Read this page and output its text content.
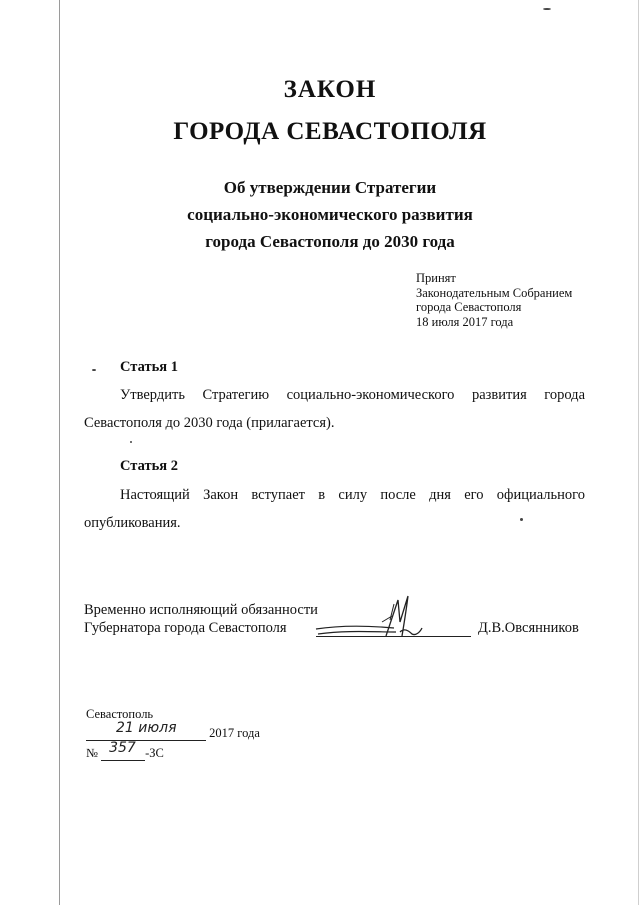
ЗАКОН
ГОРОДА СЕВАСТОПОЛЯ
Об утверждении Стратегии
социально-экономического развития
города Севастополя до 2030 года
Принят
Законодательным Собранием
города Севастополя
18 июля 2017 года
Статья 1
Утвердить Стратегию социально-экономического развития города
Севастополя до 2030 года (прилагается).
Статья 2
Настоящий Закон вступает в силу после дня его официального
опубликования.
Временно исполняющий обязанности
Губернатора города Севастополя	Д.В.Овсянников
Севастополь
21 июля	2017 года
№ 357 -ЗС
